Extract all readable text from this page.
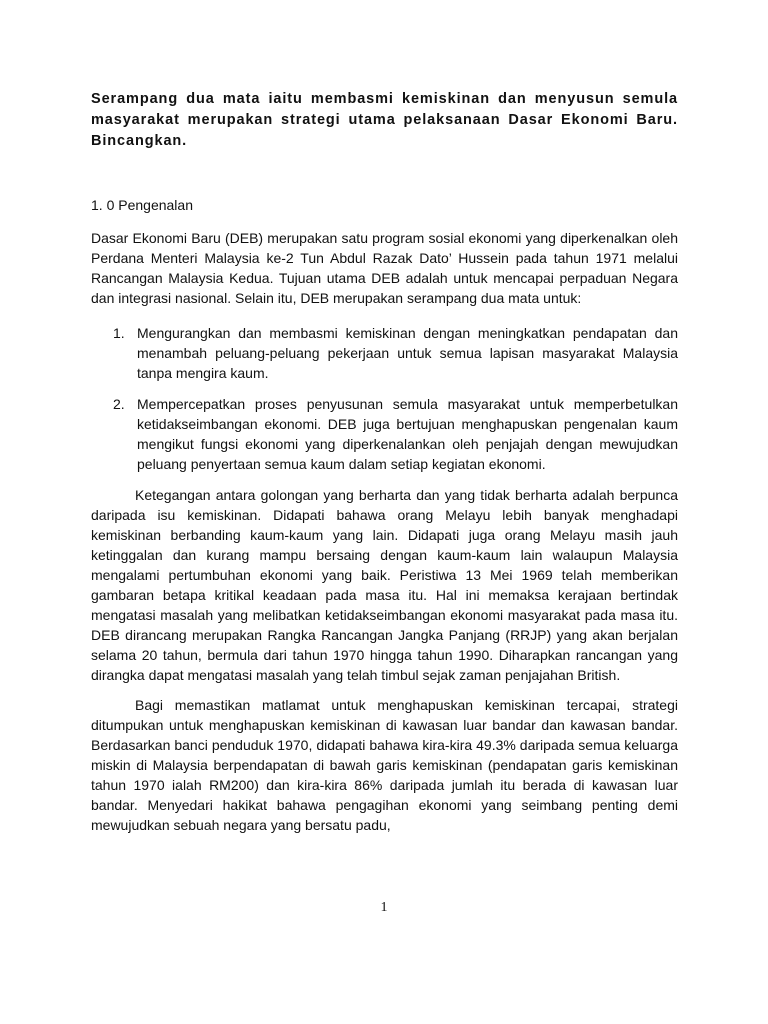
Serampang dua mata iaitu membasmi kemiskinan dan menyusun semula masyarakat merupakan strategi utama pelaksanaan Dasar Ekonomi Baru. Bincangkan.

1. 0 Pengenalan

Dasar Ekonomi Baru (DEB) merupakan satu program sosial ekonomi yang diperkenalkan oleh Perdana Menteri Malaysia ke-2 Tun Abdul Razak Dato’ Hussein pada tahun 1971 melalui Rancangan Malaysia Kedua. Tujuan utama DEB adalah untuk mencapai perpaduan Negara dan integrasi nasional. Selain itu, DEB merupakan serampang dua mata untuk:

1. Mengurangkan dan membasmi kemiskinan dengan meningkatkan pendapatan dan menambah peluang-peluang pekerjaan untuk semua lapisan masyarakat Malaysia tanpa mengira kaum.
2. Mempercepatkan proses penyusunan semula masyarakat untuk memperbetulkan ketidakseimbangan ekonomi. DEB juga bertujuan menghapuskan pengenalan kaum mengikut fungsi ekonomi yang diperkenalankan oleh penjajah dengan mewujudkan peluang penyertaan semua kaum dalam setiap kegiatan ekonomi.

Ketegangan antara golongan yang berharta dan yang tidak berharta adalah berpunca daripada isu kemiskinan. Didapati bahawa orang Melayu lebih banyak menghadapi kemiskinan berbanding kaum-kaum yang lain. Didapati juga orang Melayu masih jauh ketinggalan dan kurang mampu bersaing dengan kaum-kaum lain walaupun Malaysia mengalami pertumbuhan ekonomi yang baik. Peristiwa 13 Mei 1969 telah memberikan gambaran betapa kritikal keadaan pada masa itu. Hal ini memaksa kerajaan bertindak mengatasi masalah yang melibatkan ketidakseimbangan ekonomi masyarakat pada masa itu. DEB dirancang merupakan Rangka Rancangan Jangka Panjang (RRJP) yang akan berjalan selama 20 tahun, bermula dari tahun 1970 hingga tahun 1990. Diharapkan rancangan yang dirangka dapat mengatasi masalah yang telah timbul sejak zaman penjajahan British.

Bagi memastikan matlamat untuk menghapuskan kemiskinan tercapai, strategi ditumpukan untuk menghapuskan kemiskinan di kawasan luar bandar dan kawasan bandar. Berdasarkan banci penduduk 1970, didapati bahawa kira-kira 49.3% daripada semua keluarga miskin di Malaysia berpendapatan di bawah garis kemiskinan (pendapatan garis kemiskinan tahun 1970 ialah RM200) dan kira-kira 86% daripada jumlah itu berada di kawasan luar bandar. Menyedari hakikat bahawa pengagihan ekonomi yang seimbang penting demi mewujudkan sebuah negara yang bersatu padu,

1
